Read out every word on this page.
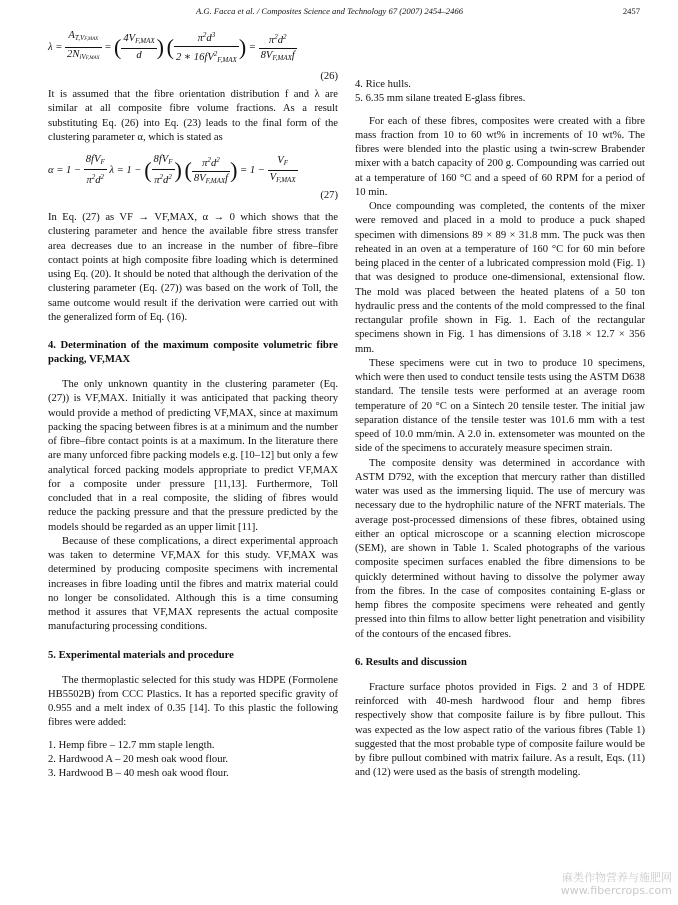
A.G. Facca et al. / Composites Science and Technology 67 (2007) 2454–2466	2457
$\lambda = \frac{A_{T,VF,MAX}}{2N_{iVF,MAX}}$ = ( $\frac{4V_{F,MAX}}{d}$ ) ( $\frac{\pi^2d^3}{2 ∗ 16fV^2_{F,MAX}}$ ) = $\frac{\pi^2d^2}{8V_{F,MAX}f}$
(26)

It is assumed that the fibre orientation distribution f and λ are similar at all composite fibre volume fractions. As a result substituting Eq. (26) into Eq. (23) leads to the final form of the clustering parameter α, which is stated as

$\alpha = 1 - \frac{8fV_F}{\pi^2d^2}$ λ = 1 − ( $\frac{8fV_F}{\pi^2d^2}$ ) ( $\frac{\pi^2d^2}{8V_{F,MAX}f}$ ) = $1 - \frac{V_F}{V_{F,MAX}}$
(27)

In Eq. (27) as VF → VF,MAX, α → 0 which shows that the clustering parameter and hence the available fibre stress transfer area decreases due to an increase in the number of fibre–fibre contact points at high composite fibre loading which is determined using Eq. (20). It should be noted that although the derivation of the clustering parameter (Eq. (27)) was based on the work of Toll, the same outcome would result if the derivation were carried out with the generalized form of Eq. (16).

4. Determination of the maximum composite volumetric fibre packing, VF,MAX

The only unknown quantity in the clustering parameter (Eq. (27)) is VF,MAX. Initially it was anticipated that packing theory would provide a method of predicting VF,MAX, since at maximum packing the spacing between fibres is at a minimum and the number of fibre–fibre contact points is at a maximum. In the literature there are many unforced fibre packing models e.g. [10–12] but only a few analytical forced packing models appropriate to predict VF,MAX for a composite under pressure [11,13]. Furthermore, Toll concluded that in a real composite, the sliding of fibres would reduce the packing pressure and that the pressure predicted by the models should be regarded as an upper limit [11].

Because of these complications, a direct experimental approach was taken to determine VF,MAX for this study. VF,MAX was determined by producing composite specimens with incremental increases in fibre loading until the fibres and matrix material could no longer be consolidated. Although this is a time consuming method it assures that VF,MAX represents the actual composite manufacturing processing conditions.

5. Experimental materials and procedure

The thermoplastic selected for this study was HDPE (Formolene HB5502B) from CCC Plastics. It has a reported specific gravity of 0.955 and a melt index of 0.35 [14]. To this plastic the following fibres were added:

1. Hemp fibre – 12.7 mm staple length.
2. Hardwood A – 20 mesh oak wood flour.
3. Hardwood B – 40 mesh oak wood flour.
4. Rice hulls.
5. 6.35 mm silane treated E-glass fibres.

For each of these fibres, composites were created with a fibre mass fraction from 10 to 60 wt% in increments of 10 wt%. The fibres were blended into the plastic using a twin-screw Brabender mixer with a batch capacity of 200 g. Compounding was carried out at a temperature of 160 °C and a speed of 60 RPM for a period of 10 min.

Once compounding was completed, the contents of the mixer were removed and placed in a mold to produce a puck shaped specimen with dimensions 89 × 89 × 31.8 mm. The puck was then reheated in an oven at a temperature of 160 °C for 60 min before being placed in the center of a lubricated compression mold (Fig. 1) that was designed to produce one-dimensional, extensional flow. The mold was placed between the heated platens of a 50 ton hydraulic press and the contents of the mold compressed to the final rectangular profile shown in Fig. 1. Each of the rectangular specimens shown in Fig. 1 has dimensions of 3.18 × 12.7 × 356 mm.

These specimens were cut in two to produce 10 specimens, which were then used to conduct tensile tests using the ASTM D638 standard. The tensile tests were performed at an average room temperature of 20 °C on a Sintech 20 tensile tester. The initial jaw separation distance of the tensile tester was 101.6 mm with a test speed of 10.0 mm/min. A 2.0 in. extensometer was mounted on the side of the specimens to accurately measure specimen strain.

The composite density was determined in accordance with ASTM D792, with the exception that mercury rather than distilled water was used as the immersing liquid. The use of mercury was necessary due to the hydrophilic nature of the NFRT materials. The average post-processed dimensions of these fibres, obtained using either an optical microscope or a scanning election microscope (SEM), are shown in Table 1. Scaled photographs of the various composite specimen surfaces enabled the fibre dimensions to be quickly determined without having to dissolve the polymer away from the fibres. In the case of composites containing E-glass or hemp fibres the composite specimens were reheated and gently pressed into thin films to allow better light penetration and visibility of the contours of the encased fibres.

6. Results and discussion

Fracture surface photos provided in Figs. 2 and 3 of HDPE reinforced with 40-mesh hardwood flour and hemp fibres respectively show that composite failure is by fibre pullout. This was expected as the low aspect ratio of the various fibres (Table 1) suggested that the most probable type of composite failure would be by fibre pullout combined with matrix failure. As a result, Eqs. (11) and (12) were used as the basis of strength modeling.

麻类作物营养与施肥网
www.fibercrops.com
